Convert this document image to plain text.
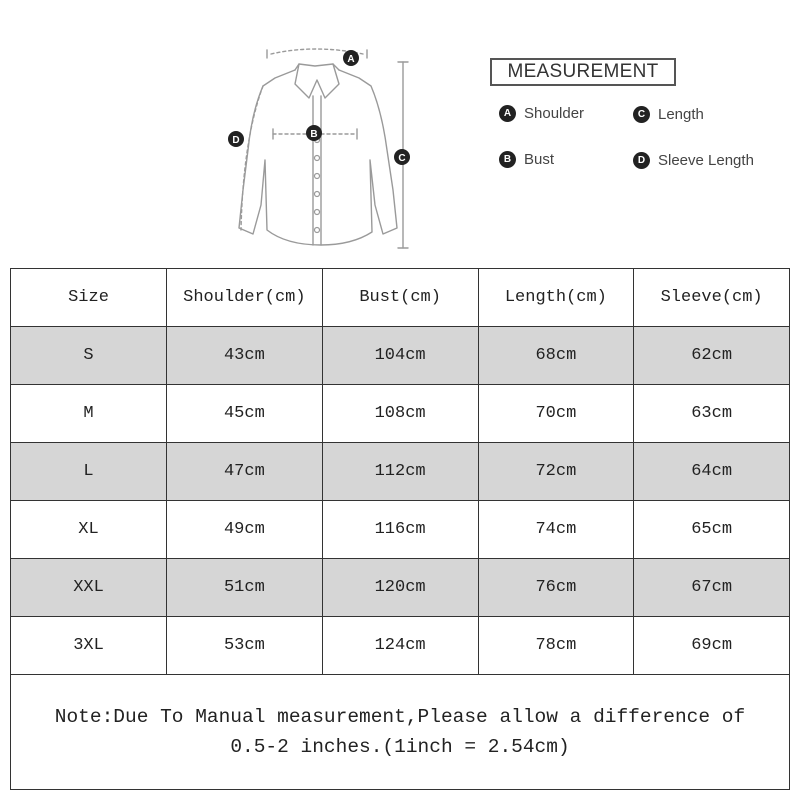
A
B
C
D
MEASUREMENT
A Shoulder
B Bust
C Length
D Sleeve Length
Size	Shoulder(cm)	Bust(cm)	Length(cm)	Sleeve(cm)
S	43cm	104cm	68cm	62cm
M	45cm	108cm	70cm	63cm
L	47cm	112cm	72cm	64cm
XL	49cm	116cm	74cm	65cm
XXL	51cm	120cm	76cm	67cm
3XL	53cm	124cm	78cm	69cm
Note:Due To Manual measurement,Please allow a difference of 0.5-2 inches.(1inch = 2.54cm)
